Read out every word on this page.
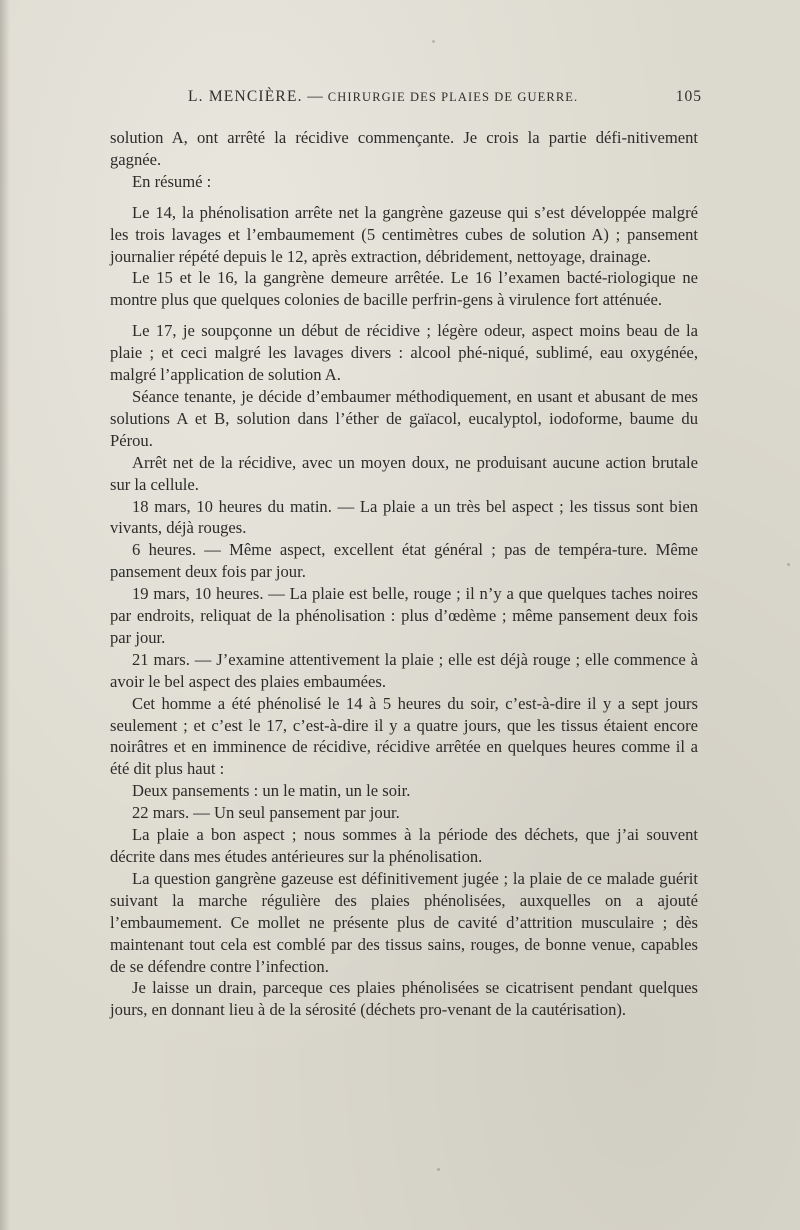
L. MENCIÈRE. — CHIRURGIE DES PLAIES DE GUERRE.	105

solution A, ont arrêté la récidive commençante. Je crois la partie défi-nitivement gagnée.

En résumé :

Le 14, la phénolisation arrête net la gangrène gazeuse qui s’est développée malgré les trois lavages et l’embaumement (5 centimètres cubes de solution A) ; pansement journalier répété depuis le 12, après extraction, débridement, nettoyage, drainage.

Le 15 et le 16, la gangrène demeure arrêtée. Le 16 l’examen bacté-riologique ne montre plus que quelques colonies de bacille perfrin-gens à virulence fort atténuée.

Le 17, je soupçonne un début de récidive ; légère odeur, aspect moins beau de la plaie ; et ceci malgré les lavages divers : alcool phé-niqué, sublimé, eau oxygénée, malgré l’application de solution A.

Séance tenante, je décide d’embaumer méthodiquement, en usant et abusant de mes solutions A et B, solution dans l’éther de gaïacol, eucalyptol, iodoforme, baume du Pérou.

Arrêt net de la récidive, avec un moyen doux, ne produisant aucune action brutale sur la cellule.

18 mars, 10 heures du matin. — La plaie a un très bel aspect ; les tissus sont bien vivants, déjà rouges.

6 heures. — Même aspect, excellent état général ; pas de tempéra-ture. Même pansement deux fois par jour.

19 mars, 10 heures. — La plaie est belle, rouge ; il n’y a que quelques taches noires par endroits, reliquat de la phénolisation : plus d’œdème ; même pansement deux fois par jour.

21 mars. — J’examine attentivement la plaie ; elle est déjà rouge ; elle commence à avoir le bel aspect des plaies embaumées.

Cet homme a été phénolisé le 14 à 5 heures du soir, c’est-à-dire il y a sept jours seulement ; et c’est le 17, c’est-à-dire il y a quatre jours, que les tissus étaient encore noirâtres et en imminence de récidive, récidive arrêtée en quelques heures comme il a été dit plus haut :

Deux pansements : un le matin, un le soir.

22 mars. — Un seul pansement par jour.

La plaie a bon aspect ; nous sommes à la période des déchets, que j’ai souvent décrite dans mes études antérieures sur la phénolisation.

La question gangrène gazeuse est définitivement jugée ; la plaie de ce malade guérit suivant la marche régulière des plaies phénolisées, auxquelles on a ajouté l’embaumement. Ce mollet ne présente plus de cavité d’attrition musculaire ; dès maintenant tout cela est comblé par des tissus sains, rouges, de bonne venue, capables de se défendre contre l’infection.

Je laisse un drain, parceque ces plaies phénolisées se cicatrisent pendant quelques jours, en donnant lieu à de la sérosité (déchets pro-venant de la cautérisation).
